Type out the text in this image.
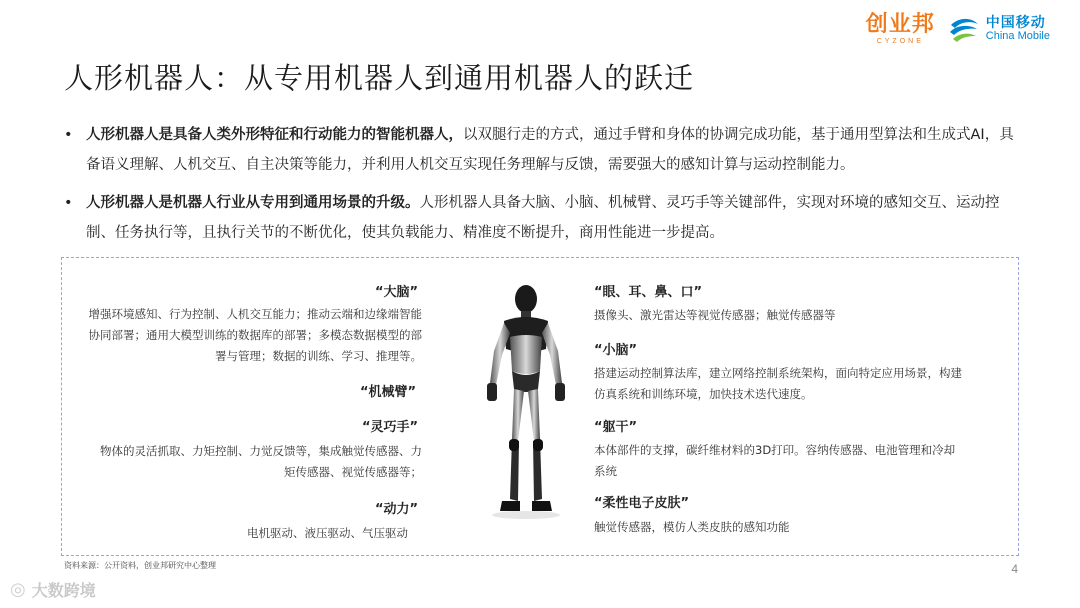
创业邦
CYZONE
中国移动
China Mobile
人形机器人：从专用机器人到通用机器人的跃迁
• 人形机器人是具备人类外形特征和行动能力的智能机器人，以双腿行走的方式，通过手臂和身体的协调完成功能，基于通用型算法和生成式AI，具备语义理解、人机交互、自主决策等能力，并利用人机交互实现任务理解与反馈，需要强大的感知计算与运动控制能力。
• 人形机器人是机器人行业从专用到通用场景的升级。人形机器人具备大脑、小脑、机械臂、灵巧手等关键部件，实现对环境的感知交互、运动控制、任务执行等，且执行关节的不断优化，使其负载能力、精准度不断提升，商用性能进一步提高。
“大脑”
增强环境感知、行为控制、人机交互能力；推动云端和边缘端智能协同部署；通用大模型训练的数据库的部署；多模态数据模型的部署与管理；数据的训练、学习、推理等。
“机械臂”
“灵巧手”
物体的灵活抓取、力矩控制、力觉反馈等，集成触觉传感器、力矩传感器、视觉传感器等；
“动力”
电机驱动、液压驱动、气压驱动
“眼、耳、鼻、口”
摄像头、激光雷达等视觉传感器；触觉传感器等
“小脑”
搭建运动控制算法库，建立网络控制系统架构，面向特定应用场景，构建仿真系统和训练环境，加快技术迭代速度。
“躯干”
本体部件的支撑，碳纤维材料的3D打印。容纳传感器、电池管理和冷却系统
“柔性电子皮肤”
触觉传感器，模仿人类皮肤的感知功能
资料来源：公开资料，创业邦研究中心整理	4
◎ 大数跨境
